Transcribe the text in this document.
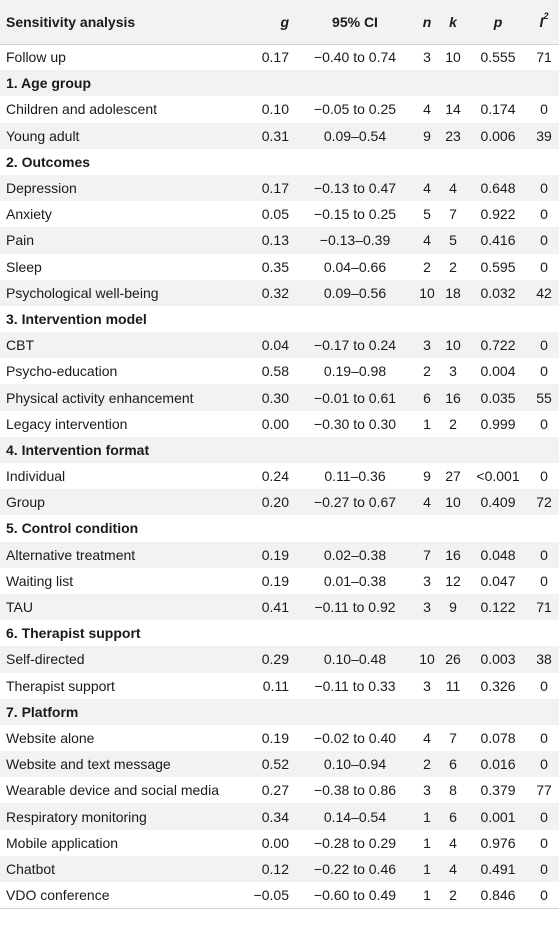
Sensitivity analysis	g	95% CI	n	k	p	$I^2$
Follow up	0.17	−0.40 to 0.74	3	10	0.555	71
1. Age group						
Children and adolescent	0.10	−0.05 to 0.25	4	14	0.174	0
Young adult	0.31	0.09–0.54	9	23	0.006	39
2. Outcomes						
Depression	0.17	−0.13 to 0.47	4	4	0.648	0
Anxiety	0.05	−0.15 to 0.25	5	7	0.922	0
Pain	0.13	−0.13–0.39	4	5	0.416	0
Sleep	0.35	0.04–0.66	2	2	0.595	0
Psychological well-being	0.32	0.09–0.56	10	18	0.032	42
3. Intervention model						
CBT	0.04	−0.17 to 0.24	3	10	0.722	0
Psycho-education	0.58	0.19–0.98	2	3	0.004	0
Physical activity enhancement	0.30	−0.01 to 0.61	6	16	0.035	55
Legacy intervention	0.00	−0.30 to 0.30	1	2	0.999	0
4. Intervention format						
Individual	0.24	0.11–0.36	9	27	<0.001	0
Group	0.20	−0.27 to 0.67	4	10	0.409	72
5. Control condition						
Alternative treatment	0.19	0.02–0.38	7	16	0.048	0
Waiting list	0.19	0.01–0.38	3	12	0.047	0
TAU	0.41	−0.11 to 0.92	3	9	0.122	71
6. Therapist support						
Self-directed	0.29	0.10–0.48	10	26	0.003	38
Therapist support	0.11	−0.11 to 0.33	3	11	0.326	0
7. Platform						
Website alone	0.19	−0.02 to 0.40	4	7	0.078	0
Website and text message	0.52	0.10–0.94	2	6	0.016	0
Wearable device and social media	0.27	−0.38 to 0.86	3	8	0.379	77
Respiratory monitoring	0.34	0.14–0.54	1	6	0.001	0
Mobile application	0.00	−0.28 to 0.29	1	4	0.976	0
Chatbot	0.12	−0.22 to 0.46	1	4	0.491	0
VDO conference	−0.05	−0.60 to 0.49	1	2	0.846	0
